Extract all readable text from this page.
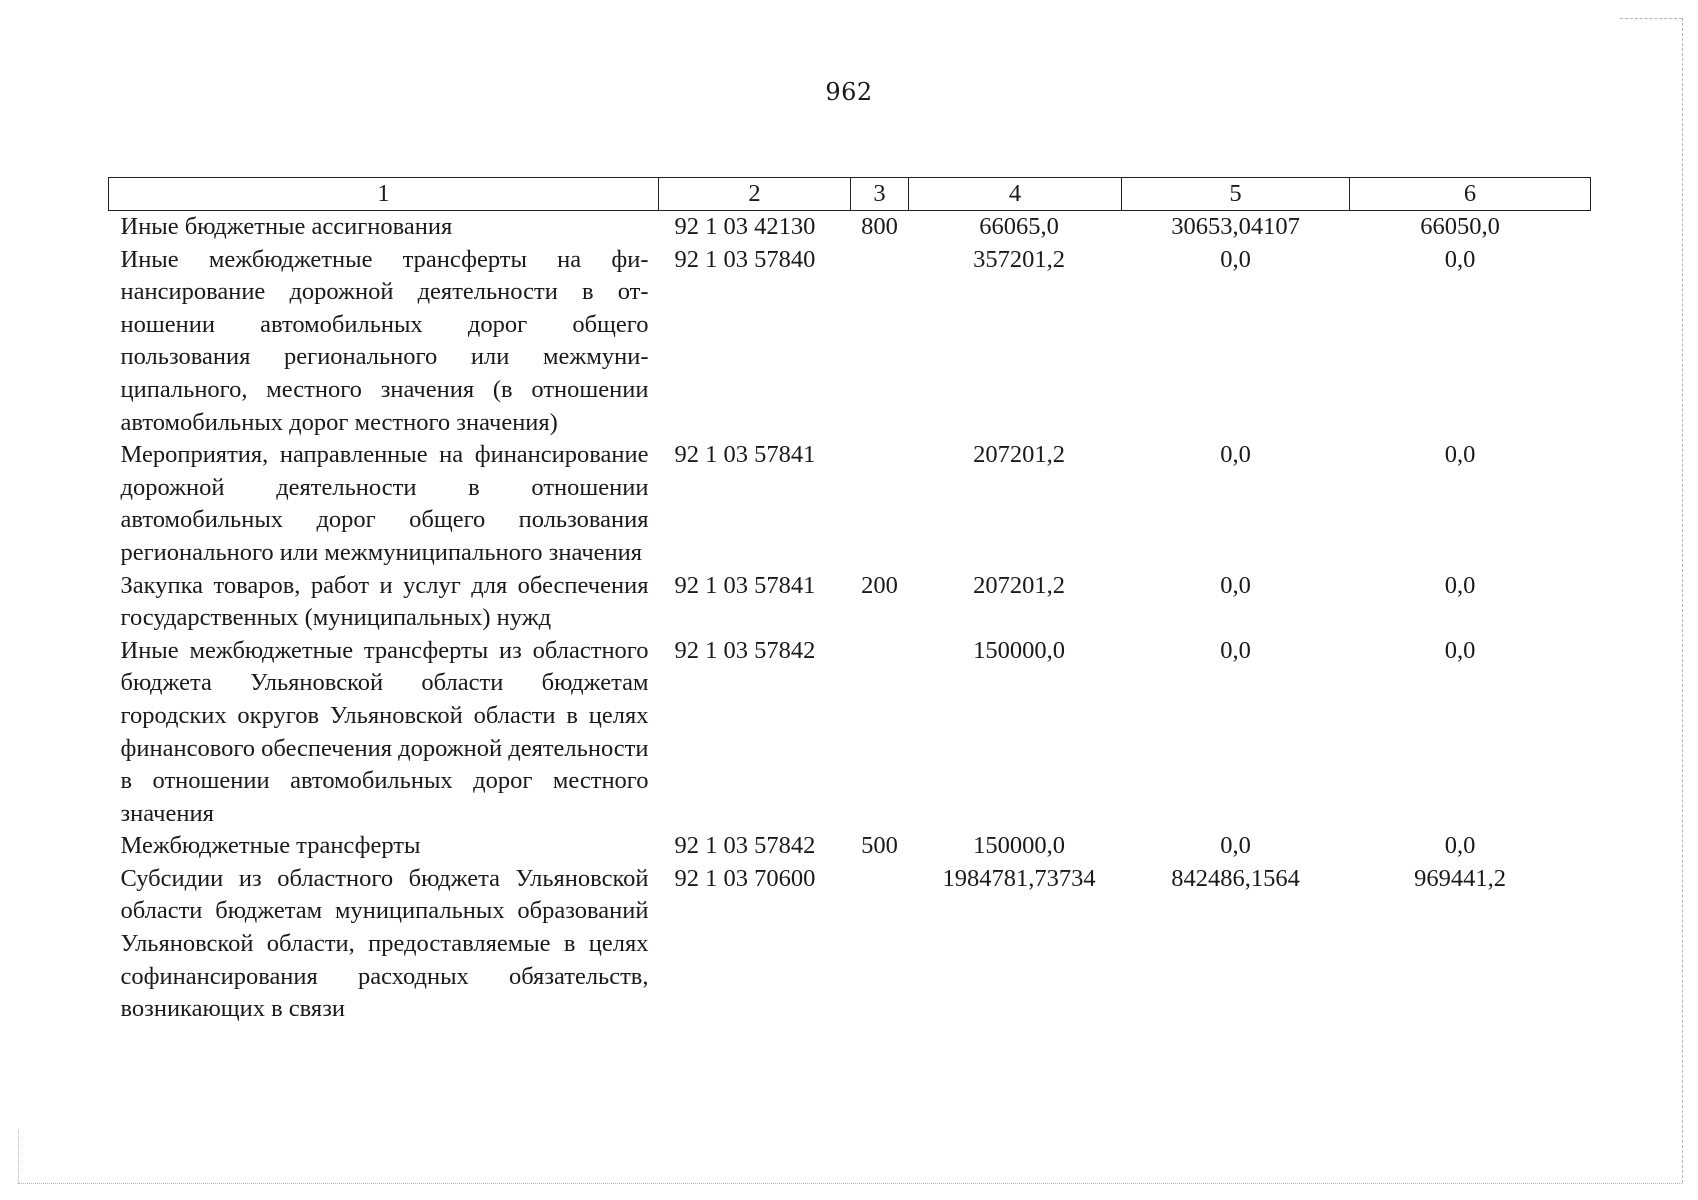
962
1	2	3	4	5	6
Иные бюджетные ассигнования	92 1 03 42130	800	66065,0	30653,04107	66050,0
Иные межбюджетные трансферты на финансирование дорожной деятельности в отношении автомобильных дорог общего пользования регионального или межмуниципального, местного значения (в отношении автомобильных дорог местного значения)	92 1 03 57840		357201,2	0,0	0,0
Мероприятия, направленные на финансирование дорожной деятельности в отношении автомобильных дорог общего пользования регионального или межмуниципального значения	92 1 03 57841		207201,2	0,0	0,0
Закупка товаров, работ и услуг для обеспечения государственных (муниципальных) нужд	92 1 03 57841	200	207201,2	0,0	0,0
Иные межбюджетные трансферты из областного бюджета Ульяновской области бюджетам городских округов Ульяновской области в целях финансового обеспечения дорожной деятельности в отношении автомобильных дорог местного значения	92 1 03 57842		150000,0	0,0	0,0
Межбюджетные трансферты	92 1 03 57842	500	150000,0	0,0	0,0
Субсидии из областного бюджета Ульяновской области бюджетам муниципальных образований Ульяновской области, предоставляемые в целях софинансирования расходных обязательств, возникающих в связи	92 1 03 70600		1984781,73734	842486,1564	969441,2
